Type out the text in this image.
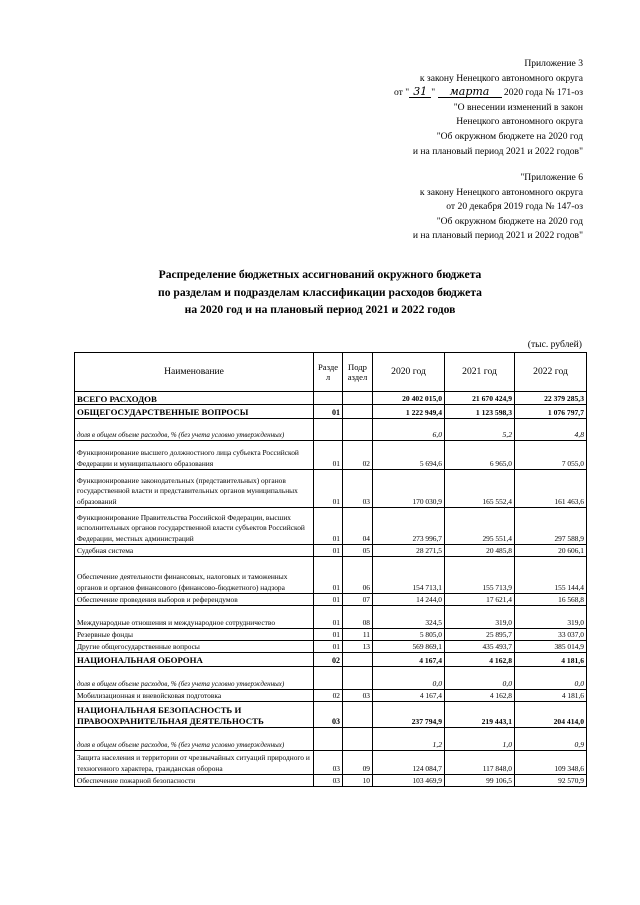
Приложение 3
к закону Ненецкого автономного округа
от " 31 " марта 2020 года № 171-оз
"О внесении изменений в закон
Ненецкого автономного округа
"Об окружном бюджете на 2020 год
и на плановый период 2021 и 2022 годов"
"Приложение 6
к закону Ненецкого автономного округа
от 20 декабря 2019 года № 147-оз
"Об окружном бюджете на 2020 год
и на плановый период 2021 и 2022 годов"
Распределение бюджетных ассигнований окружного бюджета
по разделам и подразделам классификации расходов бюджета
на 2020 год и на плановый период 2021 и 2022 годов
(тыс. рублей)
Наименование	Разде л	Подр аздел	2020 год	2021 год	2022 год
ВСЕГО РАСХОДОВ			20 402 015,0	21 670 424,9	22 379 285,3
ОБЩЕГОСУДАРСТВЕННЫЕ ВОПРОСЫ	01		1 222 949,4	1 123 598,3	1 076 797,7
доля в общем объеме расходов, % (без учета условно утвержденных)			6,0	5,2	4,8
Функционирование высшего должностного лица субъекта Российской Федерации и муниципального образования	01	02	5 694,6	6 965,0	7 055,0
Функционирование законодательных (представительных) органов государственной власти и представительных органов муниципальных образований	01	03	170 030,9	165 552,4	161 463,6
Функционирование Правительства Российской Федерации, высших исполнительных органов государственной власти субъектов Российской Федерации, местных администраций	01	04	273 996,7	295 551,4	297 588,9
Судебная система	01	05	28 271,5	20 485,8	20 606,1
Обеспечение деятельности финансовых, налоговых и таможенных органов и органов финансового (финансово-бюджетного) надзора	01	06	154 713,1	155 713,9	155 144,4
Обеспечение проведения выборов и референдумов	01	07	14 244,0	17 621,4	16 568,8
Международные отношения и международное сотрудничество	01	08	324,5	319,0	319,0
Резервные фонды	01	11	5 805,0	25 895,7	33 037,0
Другие общегосударственные вопросы	01	13	569 869,1	435 493,7	385 014,9
НАЦИОНАЛЬНАЯ ОБОРОНА	02		4 167,4	4 162,8	4 181,6
доля в общем объеме расходов, % (без учета условно утвержденных)			0,0	0,0	0,0
Мобилизационная и вневойсковая подготовка	02	03	4 167,4	4 162,8	4 181,6
НАЦИОНАЛЬНАЯ БЕЗОПАСНОСТЬ И ПРАВООХРАНИТЕЛЬНАЯ ДЕЯТЕЛЬНОСТЬ	03		237 794,9	219 443,1	204 414,0
доля в общем объеме расходов, % (без учета условно утвержденных)			1,2	1,0	0,9
Защита населения и территории от чрезвычайных ситуаций природного и техногенного характера, гражданская оборона	03	09	124 084,7	117 848,0	109 348,6
Обеспечение пожарной безопасности	03	10	103 469,9	99 106,5	92 570,9
